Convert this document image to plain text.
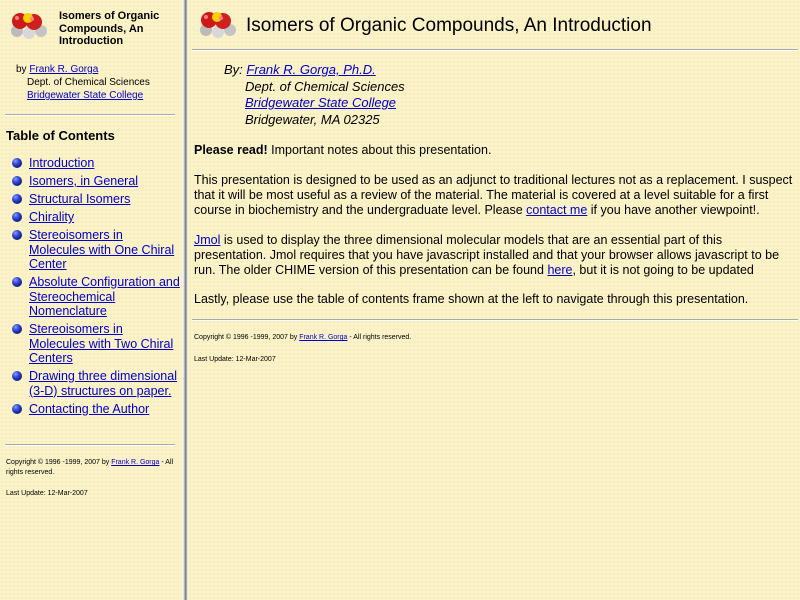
Isomers of Organic Compounds, An Introduction
by Frank R. Gorga
Dept. of Chemical Sciences
Bridgewater State College
Table of Contents
Introduction
Isomers, in General
Structural Isomers
Chirality
Stereoisomers in Molecules with One Chiral Center
Absolute Configuration and Stereochemical Nomenclature
Stereoisomers in Molecules with Two Chiral Centers
Drawing three dimensional (3-D) structures on paper.
Contacting the Author
Copyright © 1996 -1999, 2007 by Frank R. Gorga - All rights reserved.
Last Update: 12-Mar-2007
Isomers of Organic Compounds, An Introduction
By: Frank R. Gorga, Ph.D.
Dept. of Chemical Sciences
Bridgewater State College
Bridgewater, MA 02325

Please read! Important notes about this presentation.

This presentation is designed to be used as an adjunct to traditional lectures not as a replacement. I suspect that it will be most useful as a review of the material. The material is covered at a level suitable for a first course in biochemistry and the undergraduate level. Please contact me if you have another viewpoint!.

Jmol is used to display the three dimensional molecular models that are an essential part of this presentation. Jmol requires that you have javascript installed and that your browser allows javascript to be run. The older CHIME version of this presentation can be found here, but it is not going to be updated

Lastly, please use the table of contents frame shown at the left to navigate through this presentation.

Copyright © 1996 -1999, 2007 by Frank R. Gorga - All rights reserved.
Last Update: 12-Mar-2007
